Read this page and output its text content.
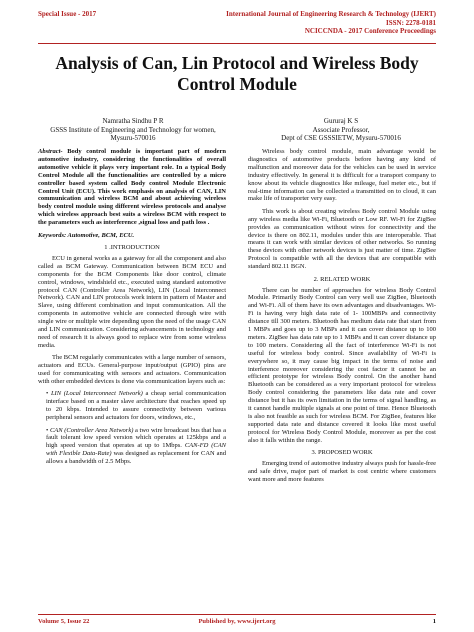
Special Issue - 2017	International Journal of Engineering Research & Technology (IJERT)
ISSN: 2278-0181
NCICCNDA - 2017 Conference Proceedings
Analysis of Can, Lin Protocol and Wireless Body Control Module
Namratha Sindhu P R
GSSS Institute of Engineering and Technology for women,
Mysuru-570016
Gururaj K S
Associate Professor,
Dept of CSE GSSSIETW, Mysuru-570016

Abstract- Body control module is important part of modern automotive industry, considering the functionalities of overall automotive vehicle it plays very important role. In a typical Body Control Module all the functionalities are controlled by a micro controller based system called Body control Module Electronic Control Unit (ECU). This work emphasis on analysis of CAN, LIN communication and wireless BCM and about achieving wireless body control module using different wireless protocols and analyse which wireless approach best suits a wireless BCM with respect to the parameters such as interference ,signal loss and path loss .

Keywords: Automotive, BCM, ECU.

1 .INTRODUCTION

ECU in general works as a gateway for all the component and also called as BCM Gateway. Communication between BCM ECU and components for the BCM Components like door control, climate control, windows, windshield etc., executed using standard automotive protocol CAN (Controller Area Network), LIN (Local Interconnect Network). CAN and LIN protocols work intern in pattern of Master and Slave, using different combination and input communication. All the components in automotive vehicle are connected through wire with single wire or multiple wire depending upon the need of the usage CAN and LIN communication. Considering advancements in technology and need of research it is always good to replace wire from some wireless media.

The BCM regularly communicates with a large number of sensors, actuators and ECUs. General-purpose input/output (GPIO) pins are used for communicating with sensors and actuators. Communication with other embedded devices is done via communication layers such as:

• LIN (Local Interconnect Network) a cheap serial communication interface based on a master slave architecture that reaches speed up to 20 kbps. Intended to assure connectivity between various peripheral sensors and actuators for doors, windows, etc.,

• CAN (Controller Area Network) a two wire broadcast bus that has a fault tolerant low speed version which operates at 125kbps and a high speed version that operates at up to 1Mbps. CAN-FD (CAN with Flexible Data-Rate) was designed as replacement for CAN and allows a bandwidth of 2.5 Mbps.

Wireless body control module, main advantage would be diagnostics of automotive products before having any kind of malfunction and moreover data for the vehicles can be used in service industry effectively. In general it is difficult for a transport company to know about its vehicle diagnostics like mileage, fuel meter etc., but if real-time information can be collected a transmitted on to cloud, it can make life of transporter very easy.

This work is about creating wireless Body control Module using any wireless media like Wi-Fi, Bluetooth or Low RF. Wi-Fi for ZigBee provides as communication without wires for connectivity and the device is there on 802.11, modules under this are interoperable. That means it can work with similar devices of other networks. So running these devices with other network devices is just matter of time. ZigBee Protocol is compatible with all the devices that are compatible with standard 802.11 BGN.

2. RELATED WORK

There can be number of approaches for wireless Body Control Module. Primarily Body Control can very well use ZigBee, Bluetooth and Wi-Fi. All of them have its own advantages and disadvantages. Wi-Fi is having very high data rate of 1- 100MBPs and connectivity distance till 300 meters. Bluetooth has medium data rate that start from 1 MBPs and goes up to 3 MBPs and it can cover distance up to 100 meters. ZigBee has data rate up to 1 MBPs and it can cover distance up to 100 meters. Considering all the fact of interference Wi-Fi is not useful for wireless body control. Since availability of Wi-Fi is everywhere so, it may cause big impact in the terms of noise and interference moreover considering the cost factor it cannot be an efficient prototype for wireless Body control. On the another hand Bluetooth can be considered as a very important protocol for wireless Body control considering the parameters like data rate and cover distance but it has its own limitation in the terms of signal handling, as it cannot handle multiple signals at one point of time. Hence Bluetooth is also not feasible as such for wireless BCM. For ZigBee, features like supported data rate and distance covered it looks like most useful protocol for Wireless Body Control Module, moreover as per the cost also it falls within the range.

3. PROPOSED WORK

Emerging trend of automotive industry always push for hassle-free and safe drive, major part of market is cost centric where customers want more and more features

Volume 5, Issue 22	Published by, www.ijert.org	1
